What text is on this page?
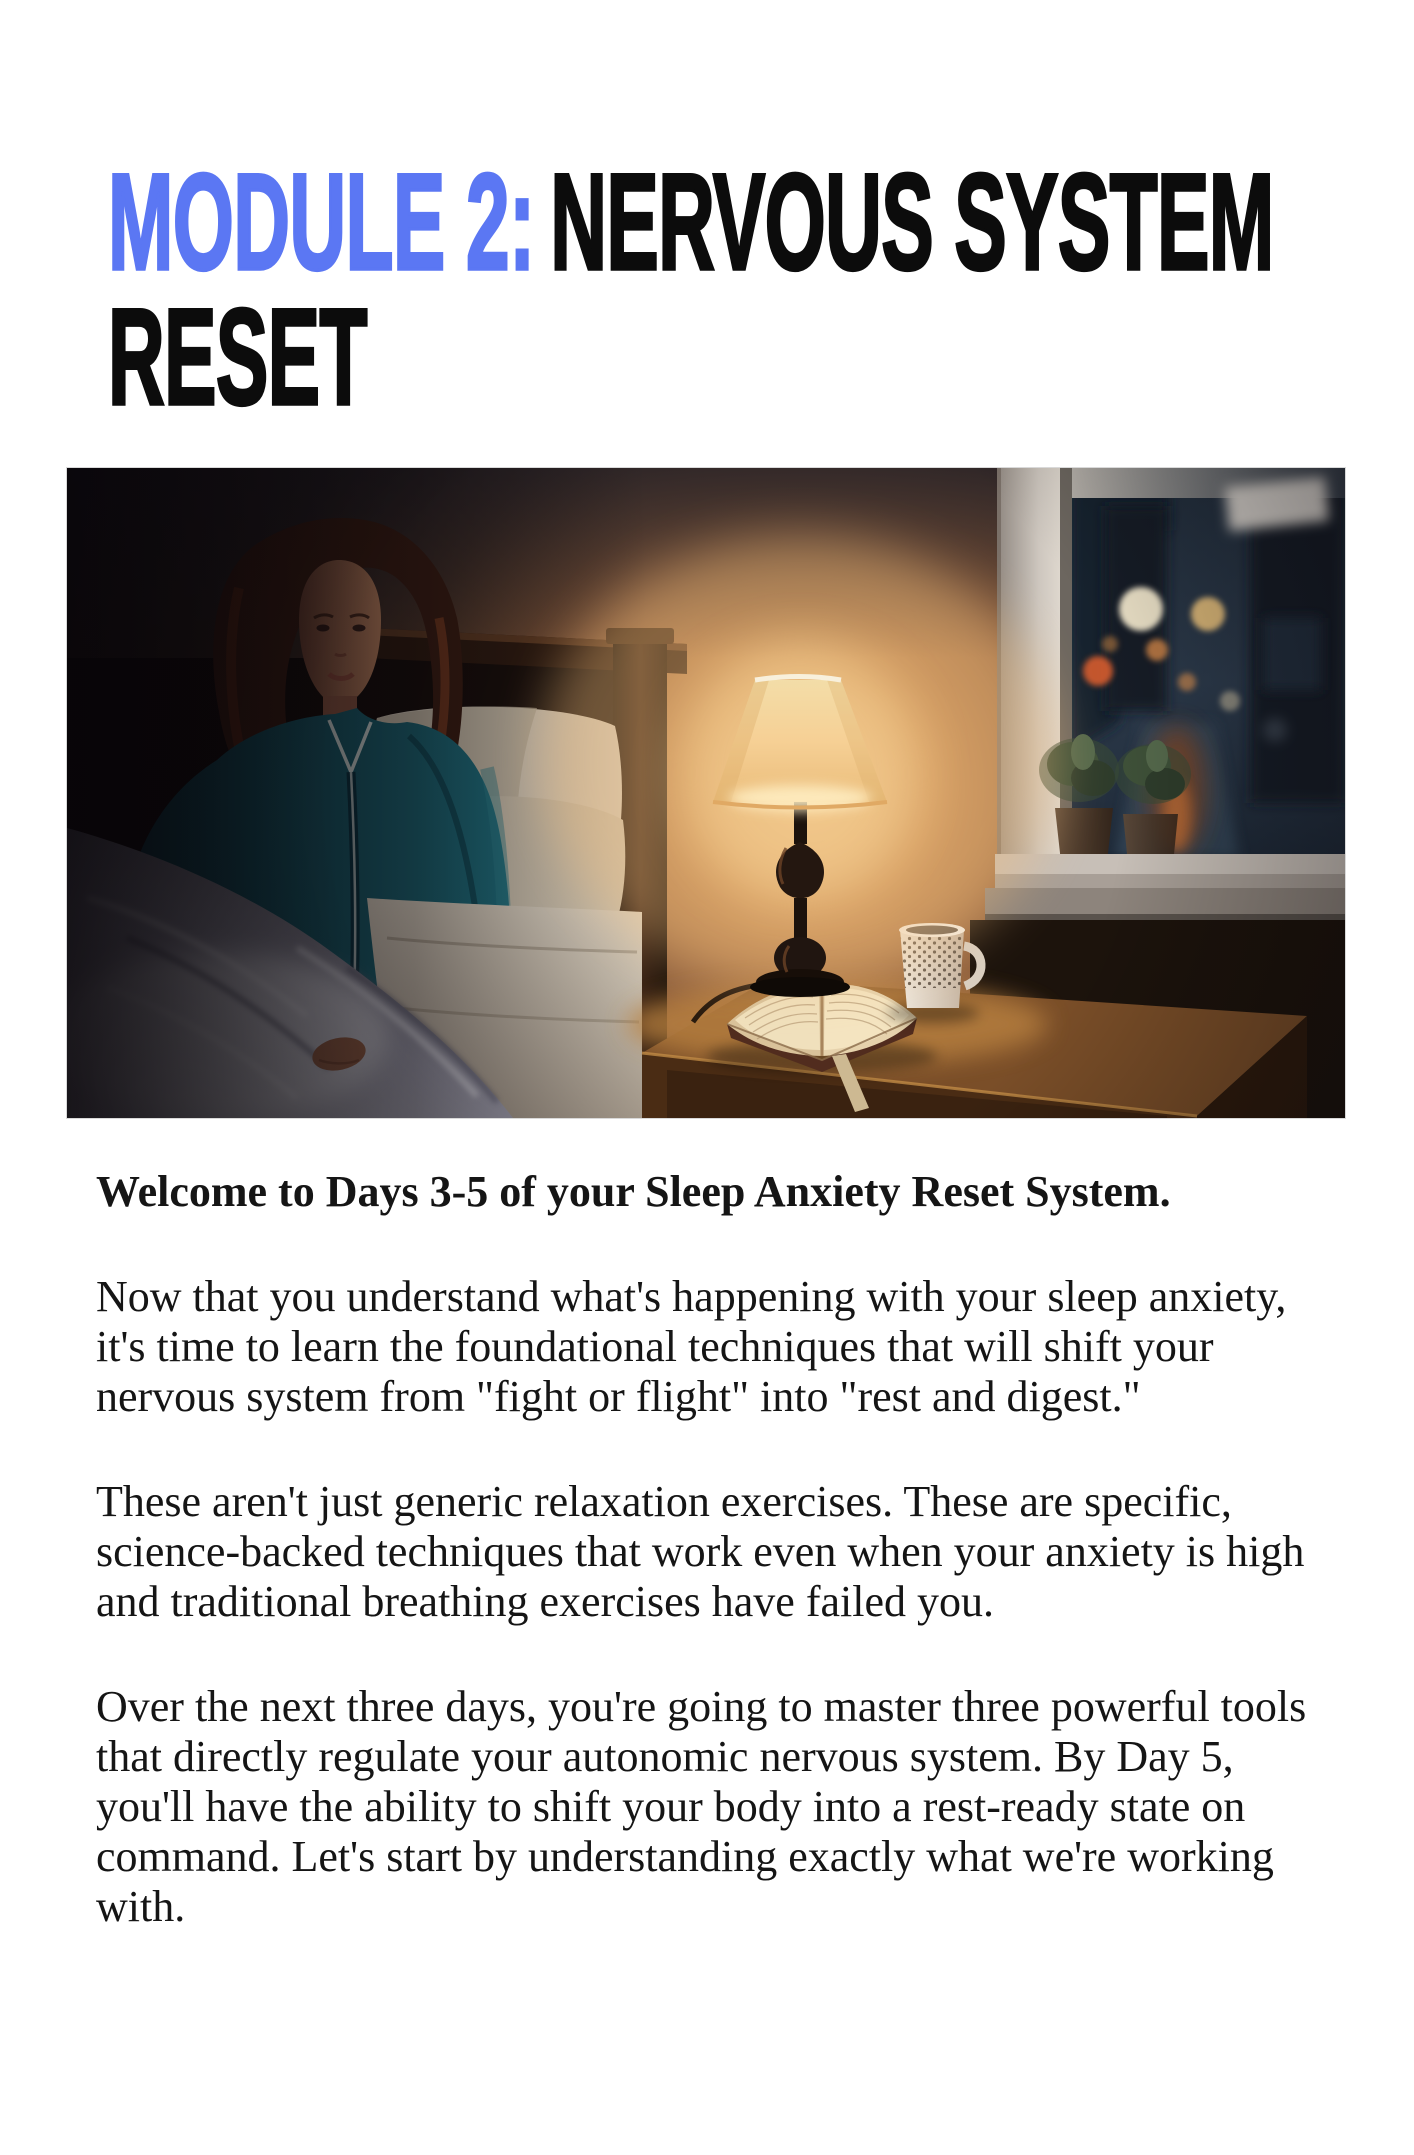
MODULE 2: NERVOUS SYSTEM
RESET

Welcome to Days 3-5 of your Sleep Anxiety Reset System.

Now that you understand what's happening with your sleep anxiety, it's time to learn the foundational techniques that will shift your nervous system from "fight or flight" into "rest and digest."

These aren't just generic relaxation exercises. These are specific, science-backed techniques that work even when your anxiety is high and traditional breathing exercises have failed you.

Over the next three days, you're going to master three powerful tools that directly regulate your autonomic nervous system. By Day 5, you'll have the ability to shift your body into a rest-ready state on command. Let's start by understanding exactly what we're working with.
